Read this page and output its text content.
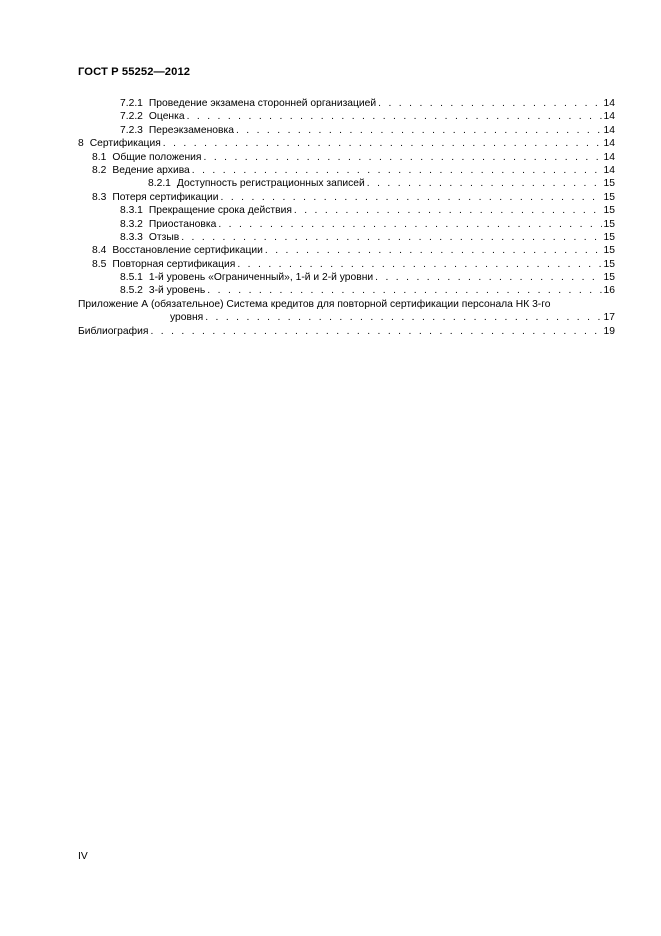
ГОСТ Р 55252—2012
7.2.1 Проведение экзамена сторонней организацией . . .	14
7.2.2 Оценка . . .	14
7.2.3 Переэкзаменовка . . .	14
8 Сертификация . . .	14
8.1 Общие положения . . .	14
8.2 Ведение архива . . .	14
8.2.1 Доступность регистрационных записей . . .	15
8.3 Потеря сертификации . . .	15
8.3.1 Прекращение срока действия . . .	15
8.3.2 Приостановка . . .	15
8.3.3 Отзыв . . .	15
8.4 Восстановление сертификации . . .	15
8.5 Повторная сертификация . . .	15
8.5.1 1-й уровень «Ограниченный», 1-й и 2-й уровни . . .	15
8.5.2 3-й уровень . . .	16
Приложение А (обязательное) Система кредитов для повторной сертификации персонала НК 3-го
уровня . . .	17
Библиография . . .	19
IV
